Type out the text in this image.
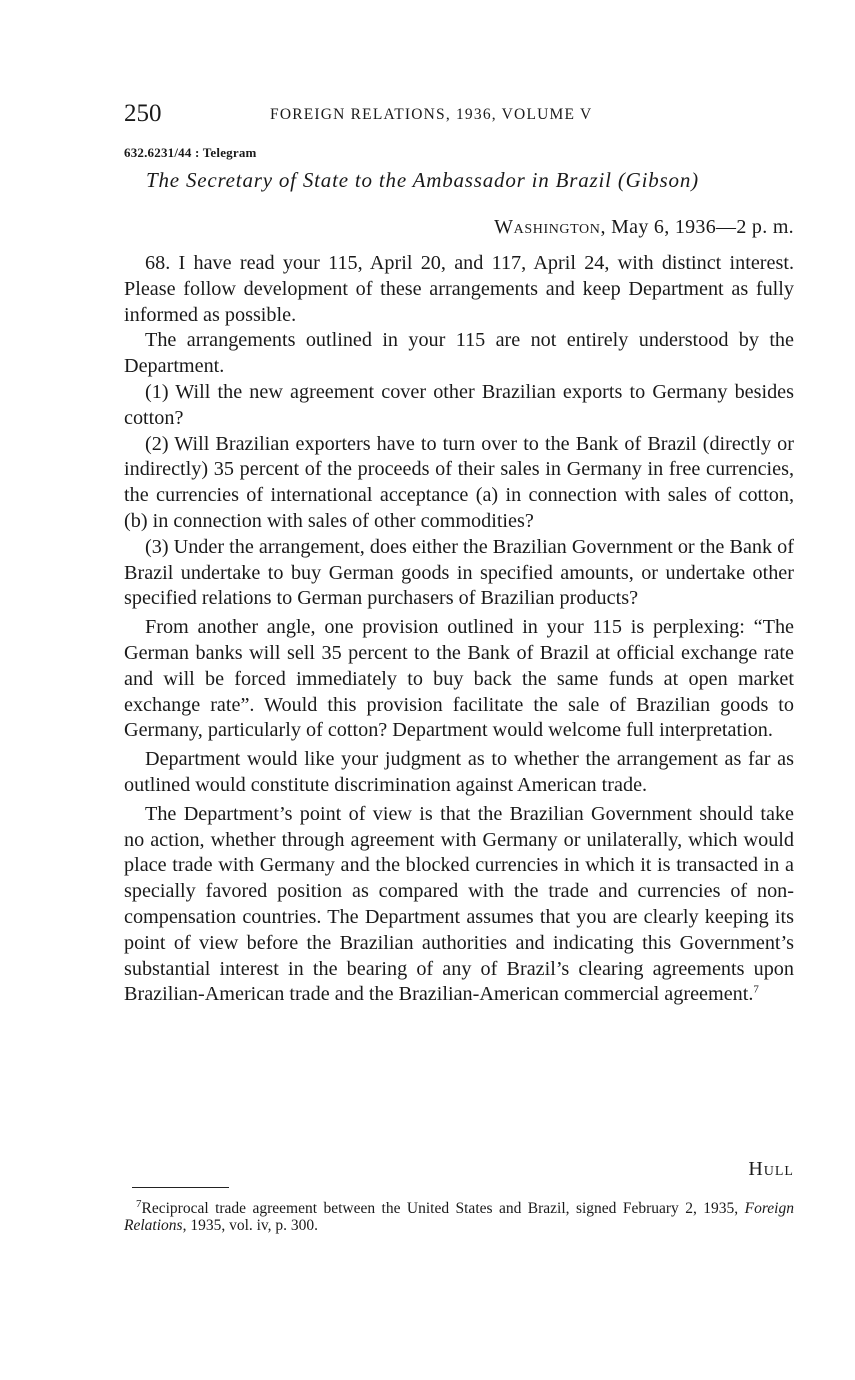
250	FOREIGN RELATIONS, 1936, VOLUME V
632.6231/44 : Telegram
The Secretary of State to the Ambassador in Brazil (Gibson)
Washington, May 6, 1936—2 p. m.

68. I have read your 115, April 20, and 117, April 24, with distinct interest. Please follow development of these arrangements and keep Department as fully informed as possible.

The arrangements outlined in your 115 are not entirely understood by the Department.

(1) Will the new agreement cover other Brazilian exports to Germany besides cotton?

(2) Will Brazilian exporters have to turn over to the Bank of Brazil (directly or indirectly) 35 percent of the proceeds of their sales in Germany in free currencies, the currencies of international acceptance (a) in connection with sales of cotton, (b) in connection with sales of other commodities?

(3) Under the arrangement, does either the Brazilian Government or the Bank of Brazil undertake to buy German goods in specified amounts, or undertake other specified relations to German purchasers of Brazilian products?

From another angle, one provision outlined in your 115 is perplexing: “The German banks will sell 35 percent to the Bank of Brazil at official exchange rate and will be forced immediately to buy back the same funds at open market exchange rate”. Would this provision facilitate the sale of Brazilian goods to Germany, particularly of cotton? Department would welcome full interpretation.

Department would like your judgment as to whether the arrangement as far as outlined would constitute discrimination against American trade.

The Department’s point of view is that the Brazilian Government should take no action, whether through agreement with Germany or unilaterally, which would place trade with Germany and the blocked currencies in which it is transacted in a specially favored position as compared with the trade and currencies of non-compensation countries. The Department assumes that you are clearly keeping its point of view before the Brazilian authorities and indicating this Government’s substantial interest in the bearing of any of Brazil’s clearing agreements upon Brazilian-American trade and the Brazilian-American commercial agreement.$^7$

Hull
$^7$Reciprocal trade agreement between the United States and Brazil, signed February 2, 1935, Foreign Relations, 1935, vol. iv, p. 300.
